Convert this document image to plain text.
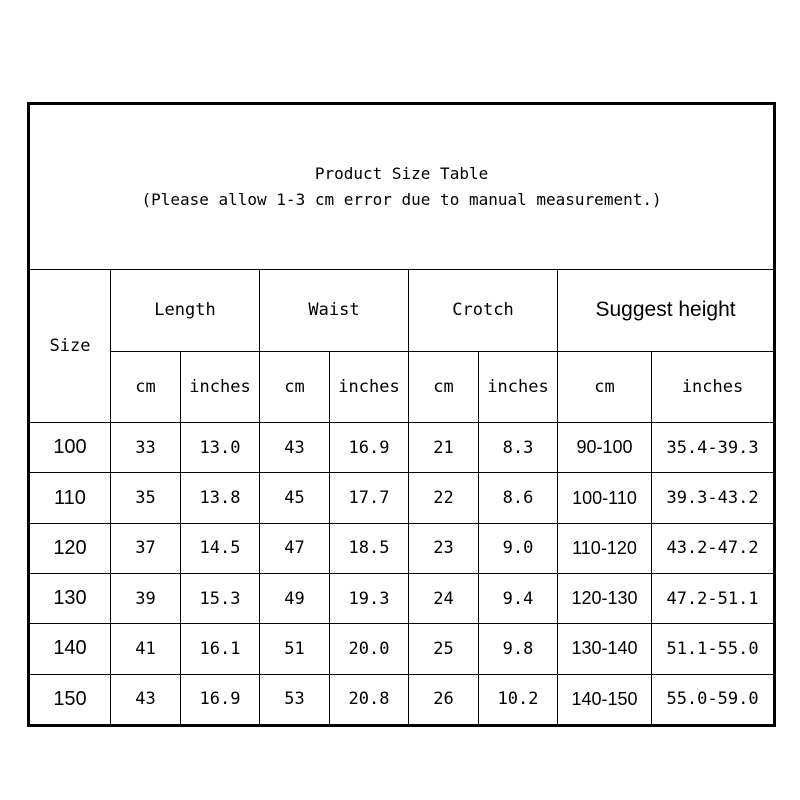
Product Size Table
(Please allow 1-3 cm error due to manual measurement.)								

Size	Length		Waist		Crotch		Suggest height	
	cm	inches	cm	inches	cm	inches	cm	inches
100	33	13.0	43	16.9	21	8.3	90-100	35.4-39.3
110	35	13.8	45	17.7	22	8.6	100-110	39.3-43.2
120	37	14.5	47	18.5	23	9.0	110-120	43.2-47.2
130	39	15.3	49	19.3	24	9.4	120-130	47.2-51.1
140	41	16.1	51	20.0	25	9.8	130-140	51.1-55.0
150	43	16.9	53	20.8	26	10.2	140-150	55.0-59.0
